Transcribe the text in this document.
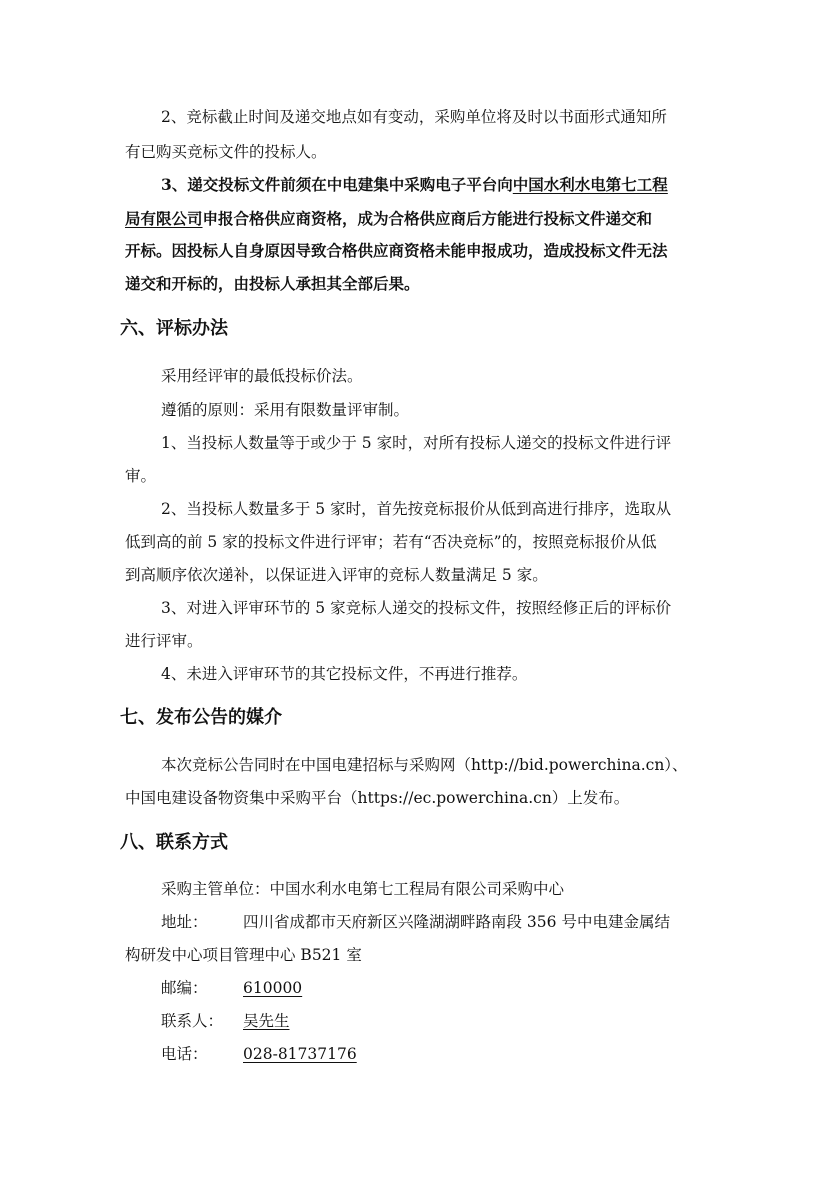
2、竞标截止时间及递交地点如有变动，采购单位将及时以书面形式通知所
有已购买竞标文件的投标人。
3、递交投标文件前须在中电建集中采购电子平台向中国水利水电第七工程
局有限公司申报合格供应商资格，成为合格供应商后方能进行投标文件递交和
开标。因投标人自身原因导致合格供应商资格未能申报成功，造成投标文件无法
递交和开标的，由投标人承担其全部后果。
六、评标办法
采用经评审的最低投标价法。
遵循的原则：采用有限数量评审制。
1、当投标人数量等于或少于 5 家时，对所有投标人递交的投标文件进行评
审。
2、当投标人数量多于 5 家时，首先按竞标报价从低到高进行排序，选取从
低到高的前 5 家的投标文件进行评审；若有“否决竞标”的，按照竞标报价从低
到高顺序依次递补，以保证进入评审的竞标人数量满足 5 家。
3、对进入评审环节的 5 家竞标人递交的投标文件，按照经修正后的评标价
进行评审。
4、未进入评审环节的其它投标文件，不再进行推荐。
七、发布公告的媒介
本次竞标公告同时在中国电建招标与采购网（http://bid.powerchina.cn）、
中国电建设备物资集中采购平台（https://ec.powerchina.cn）上发布。
八、联系方式
采购主管单位：中国水利水电第七工程局有限公司采购中心
地址： 四川省成都市天府新区兴隆湖湖畔路南段 356 号中电建金属结
构研发中心项目管理中心 B521 室
邮编： 610000
联系人： 吴先生
电话： 028-81737176
